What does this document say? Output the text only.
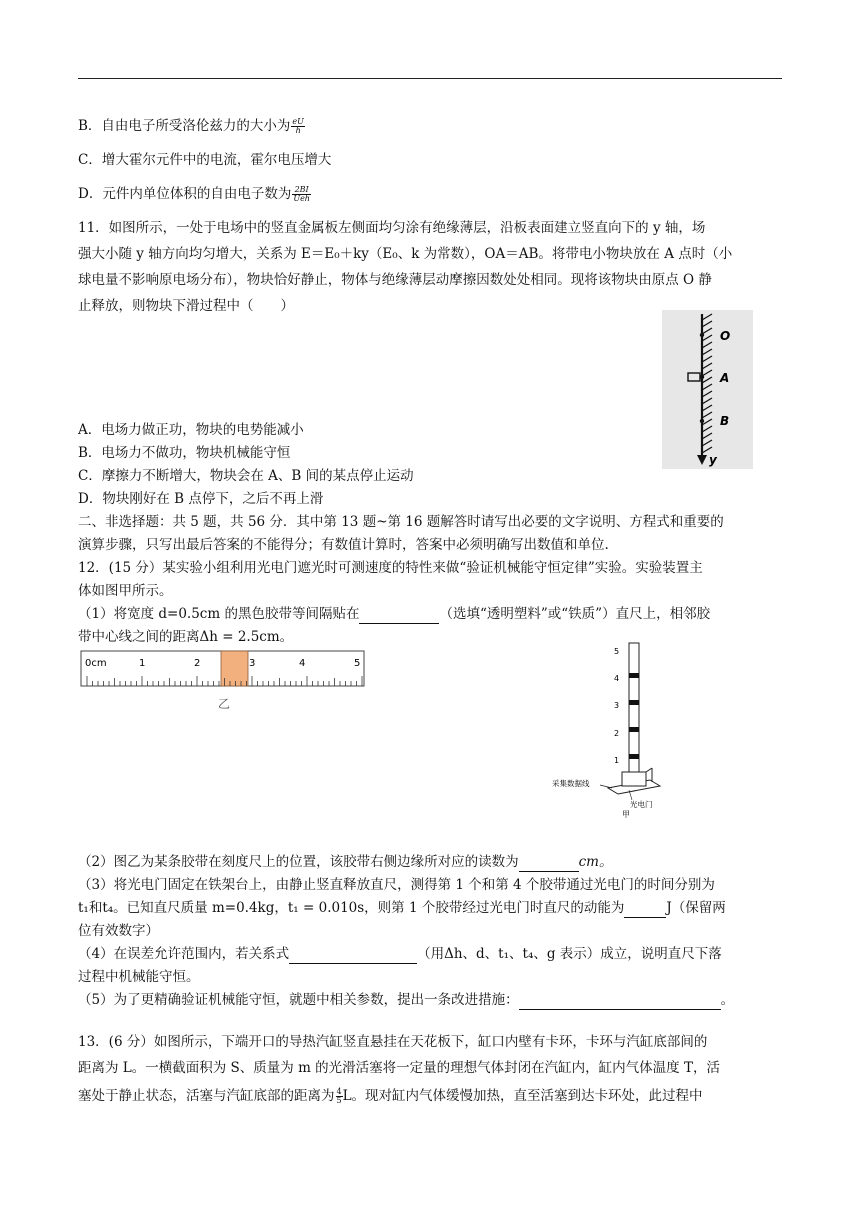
B．自由电子所受洛伦兹力的大小为 $\frac{eU}{h}$
C．增大霍尔元件中的电流，霍尔电压增大
D．元件内单位体积的自由电子数为 $\frac{2BI}{\text{Ueh}}$
11．如图所示，一处于电场中的竖直金属板左侧面均匀涂有绝缘薄层，沿板表面建立竖直向下的 y 轴，场
强大小随 y 轴方向均匀增大，关系为 E＝E₀＋ky（E₀、k 为常数），OA＝AB。将带电小物块放在 A 点时（小
球电量不影响原电场分布），物块恰好静止，物体与绝缘薄层动摩擦因数处处相同。现将该物块由原点 O 静
止释放，则物块下滑过程中（　　）
O
A
B
y
A．电场力做正功，物块的电势能减小
B．电场力不做功，物块机械能守恒
C．摩擦力不断增大，物块会在 A、B 间的某点停止运动
D．物块刚好在 B 点停下，之后不再上滑
二、非选择题：共 5 题，共 56 分．其中第 13 题~第 16 题解答时请写出必要的文字说明、方程式和重要的
演算步骤，只写出最后答案的不能得分；有数值计算时，答案中必须明确写出数值和单位.
12．(15 分）某实验小组利用光电门遮光时可测速度的特性来做“验证机械能守恒定律”实验。实验装置主
体如图甲所示。
（1）将宽度 d=0.5cm 的黑色胶带等间隔贴在	（选填“透明塑料”或“铁质”）直尺上，相邻胶
带中心线之间的距离Δh = 2.5cm。
0cm	1	2	3	4	5
乙
5
4
3
2
1
采集数据线
光电门
甲
（2）图乙为某条胶带在刻度尺上的位置，该胶带右侧边缘所对应的读数为	cm。
（3）将光电门固定在铁架台上，由静止竖直释放直尺，测得第 1 个和第 4 个胶带通过光电门的时间分别为
t₁和t₄。已知直尺质量 m=0.4kg，t₁ = 0.010s，则第 1 个胶带经过光电门时直尺的动能为	J（保留两
位有效数字）
（4）在误差允许范围内，若关系式	（用Δh、d、t₁、t₄、g 表示）成立，说明直尺下落
过程中机械能守恒。
（5）为了更精确验证机械能守恒，就题中相关参数，提出一条改进措施：	。
13．(6 分）如图所示，下端开口的导热汽缸竖直悬挂在天花板下，缸口内壁有卡环，卡环与汽缸底部间的
距离为 L。一横截面积为 S、质量为 m 的光滑活塞将一定量的理想气体封闭在汽缸内，缸内气体温度 T，活
塞处于静止状态，活塞与汽缸底部的距离为 $\frac{4}{5}$ L。现对缸内气体缓慢加热，直至活塞到达卡环处，此过程中
